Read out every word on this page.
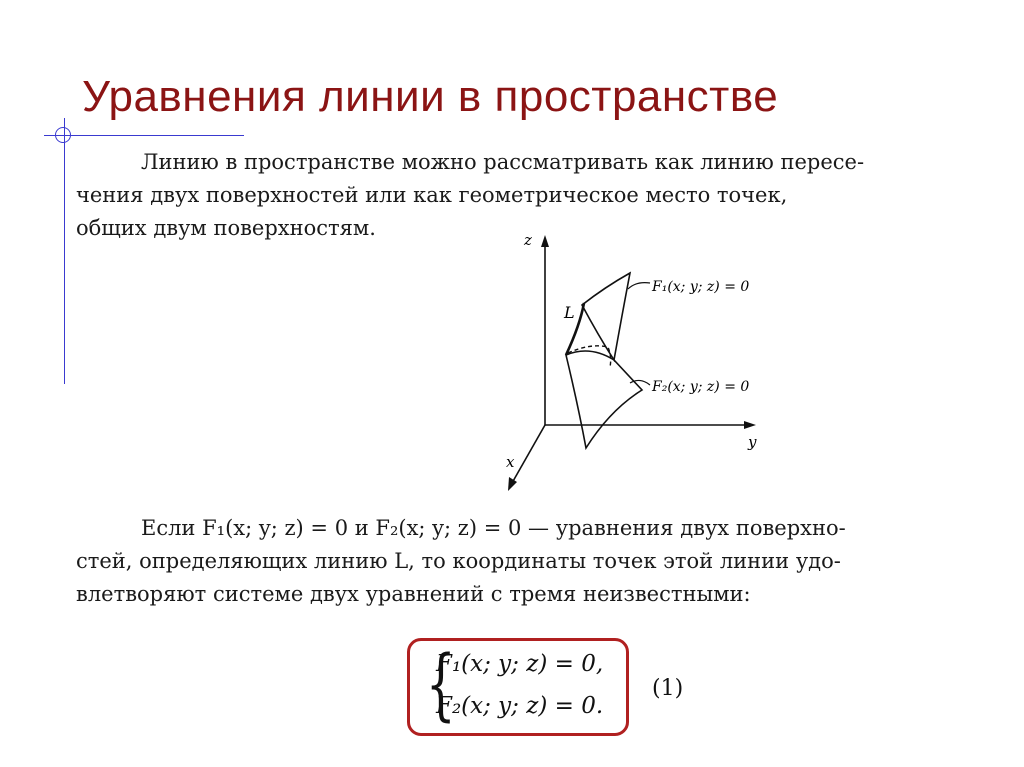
Уравнения линии в пространстве

Линию в пространстве можно рассматривать как линию пересе-
чения двух поверхностей или как геометрическое место точек,
общих двум поверхностям.	z
y
x
L
F₁(x; y; z) = 0
F₂(x; y; z) = 0

Если F₁(x; y; z) = 0 и F₂(x; y; z) = 0 — уравнения двух поверхно-
стей, определяющих линию L, то координаты точек этой линии удо-
влетворяют системе двух уравнений с тремя неизвестными:

{
F₁(x; y; z) = 0,
F₂(x; y; z) = 0.
(1)
